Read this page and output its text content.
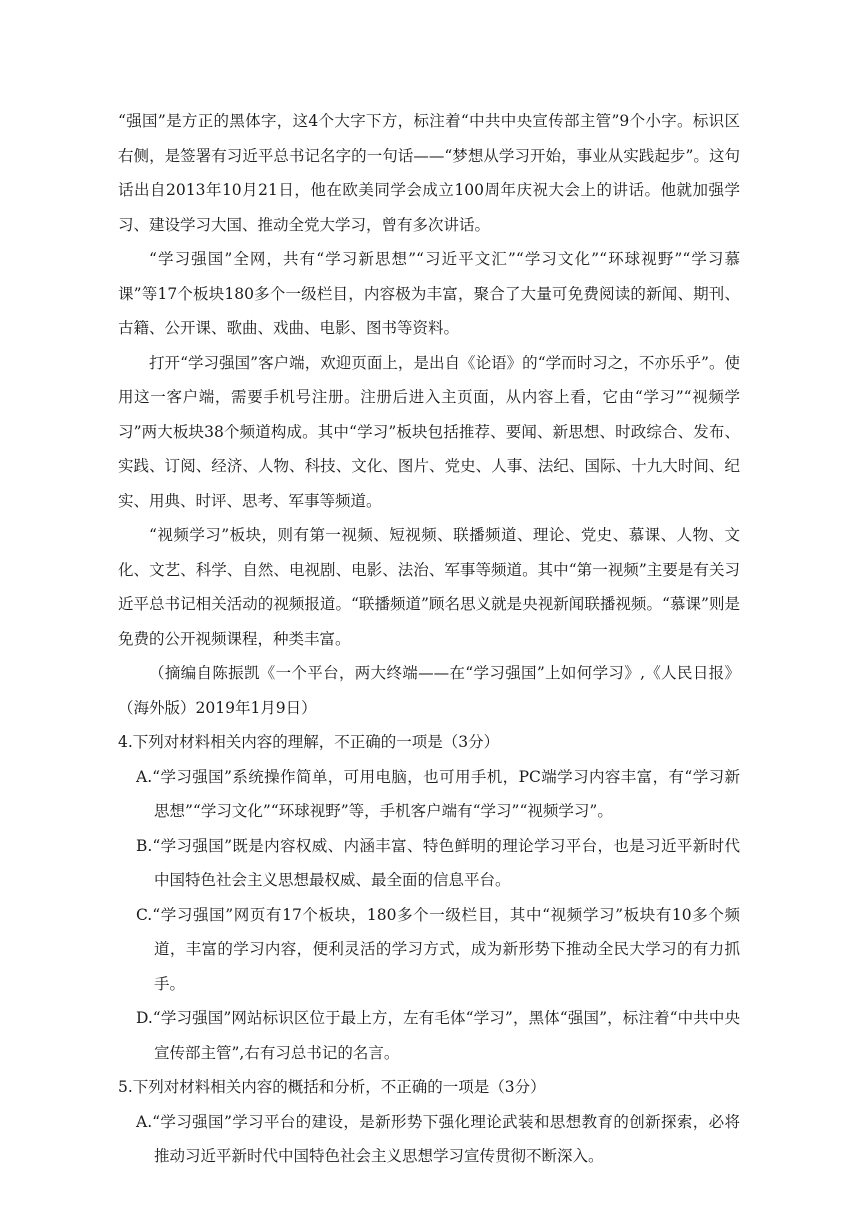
“强国”是方正的黑体字，这4个大字下方，标注着“中共中央宣传部主管”9个小字。标识区右侧，是签署有习近平总书记名字的一句话——“梦想从学习开始，事业从实践起步”。这句话出自2013年10月21日，他在欧美同学会成立100周年庆祝大会上的讲话。他就加强学习、建设学习大国、推动全党大学习，曾有多次讲话。

“学习强国”全网，共有“学习新思想”“习近平文汇”“学习文化”“环球视野”“学习慕课”等17个板块180多个一级栏目，内容极为丰富，聚合了大量可免费阅读的新闻、期刊、古籍、公开课、歌曲、戏曲、电影、图书等资料。

打开“学习强国”客户端，欢迎页面上，是出自《论语》的“学而时习之，不亦乐乎”。使用这一客户端，需要手机号注册。注册后进入主页面，从内容上看，它由“学习”“视频学习”两大板块38个频道构成。其中“学习”板块包括推荐、要闻、新思想、时政综合、发布、实践、订阅、经济、人物、科技、文化、图片、党史、人事、法纪、国际、十九大时间、纪实、用典、时评、思考、军事等频道。

“视频学习”板块，则有第一视频、短视频、联播频道、理论、党史、慕课、人物、文化、文艺、科学、自然、电视剧、电影、法治、军事等频道。其中“第一视频”主要是有关习近平总书记相关活动的视频报道。“联播频道”顾名思义就是央视新闻联播视频。“慕课”则是免费的公开视频课程，种类丰富。

（摘编自陈振凯《一个平台，两大终端——在“学习强国”上如何学习》,《人民日报》（海外版）2019年1月9日）

4.下列对材料相关内容的理解，不正确的一项是（3分）

A.“学习强国”系统操作简单，可用电脑，也可用手机，PC端学习内容丰富，有“学习新思想”“学习文化”“环球视野”等，手机客户端有“学习”“视频学习”。

B.“学习强国”既是内容权威、内涵丰富、特色鲜明的理论学习平台，也是习近平新时代中国特色社会主义思想最权威、最全面的信息平台。

C.“学习强国”网页有17个板块，180多个一级栏目，其中“视频学习”板块有10多个频道，丰富的学习内容，便利灵活的学习方式，成为新形势下推动全民大学习的有力抓手。

D.“学习强国”网站标识区位于最上方，左有毛体“学习”，黑体“强国”，标注着“中共中央宣传部主管”,右有习总书记的名言。

5.下列对材料相关内容的概括和分析，不正确的一项是（3分）

A.“学习强国”学习平台的建设，是新形势下强化理论武装和思想教育的创新探索，必将推动习近平新时代中国特色社会主义思想学习宣传贯彻不断深入。
